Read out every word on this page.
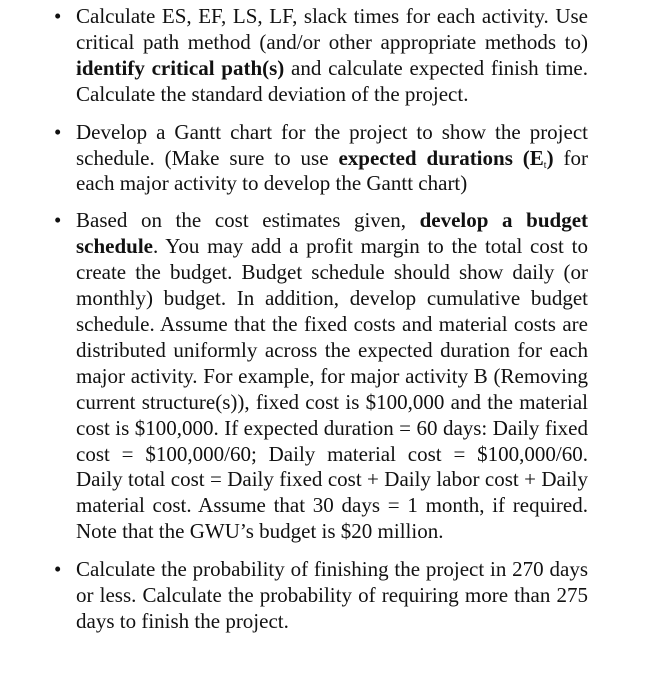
• Calculate ES, EF, LS, LF, slack times for each activity. Use critical path method (and/or other appropriate methods to) identify critical path(s) and calculate expected finish time. Calculate the standard deviation of the project.
• Develop a Gantt chart for the project to show the project schedule. (Make sure to use expected durations $(E_t)$ for each major activity to develop the Gantt chart)
• Based on the cost estimates given, develop a budget schedule. You may add a profit margin to the total cost to create the budget. Budget schedule should show daily (or monthly) budget. In addition, develop cumulative budget schedule. Assume that the fixed costs and material costs are distributed uniformly across the expected duration for each major activity. For example, for major activity B (Removing current structure(s)), fixed cost is $100,000 and the material cost is $100,000. If expected duration = 60 days: Daily fixed cost = $100,000/60; Daily material cost = $100,000/60. Daily total cost = Daily fixed cost + Daily labor cost + Daily material cost. Assume that 30 days = 1 month, if required. Note that the GWU’s budget is $20 million.
• Calculate the probability of finishing the project in 270 days or less. Calculate the probability of requiring more than 275 days to finish the project.
